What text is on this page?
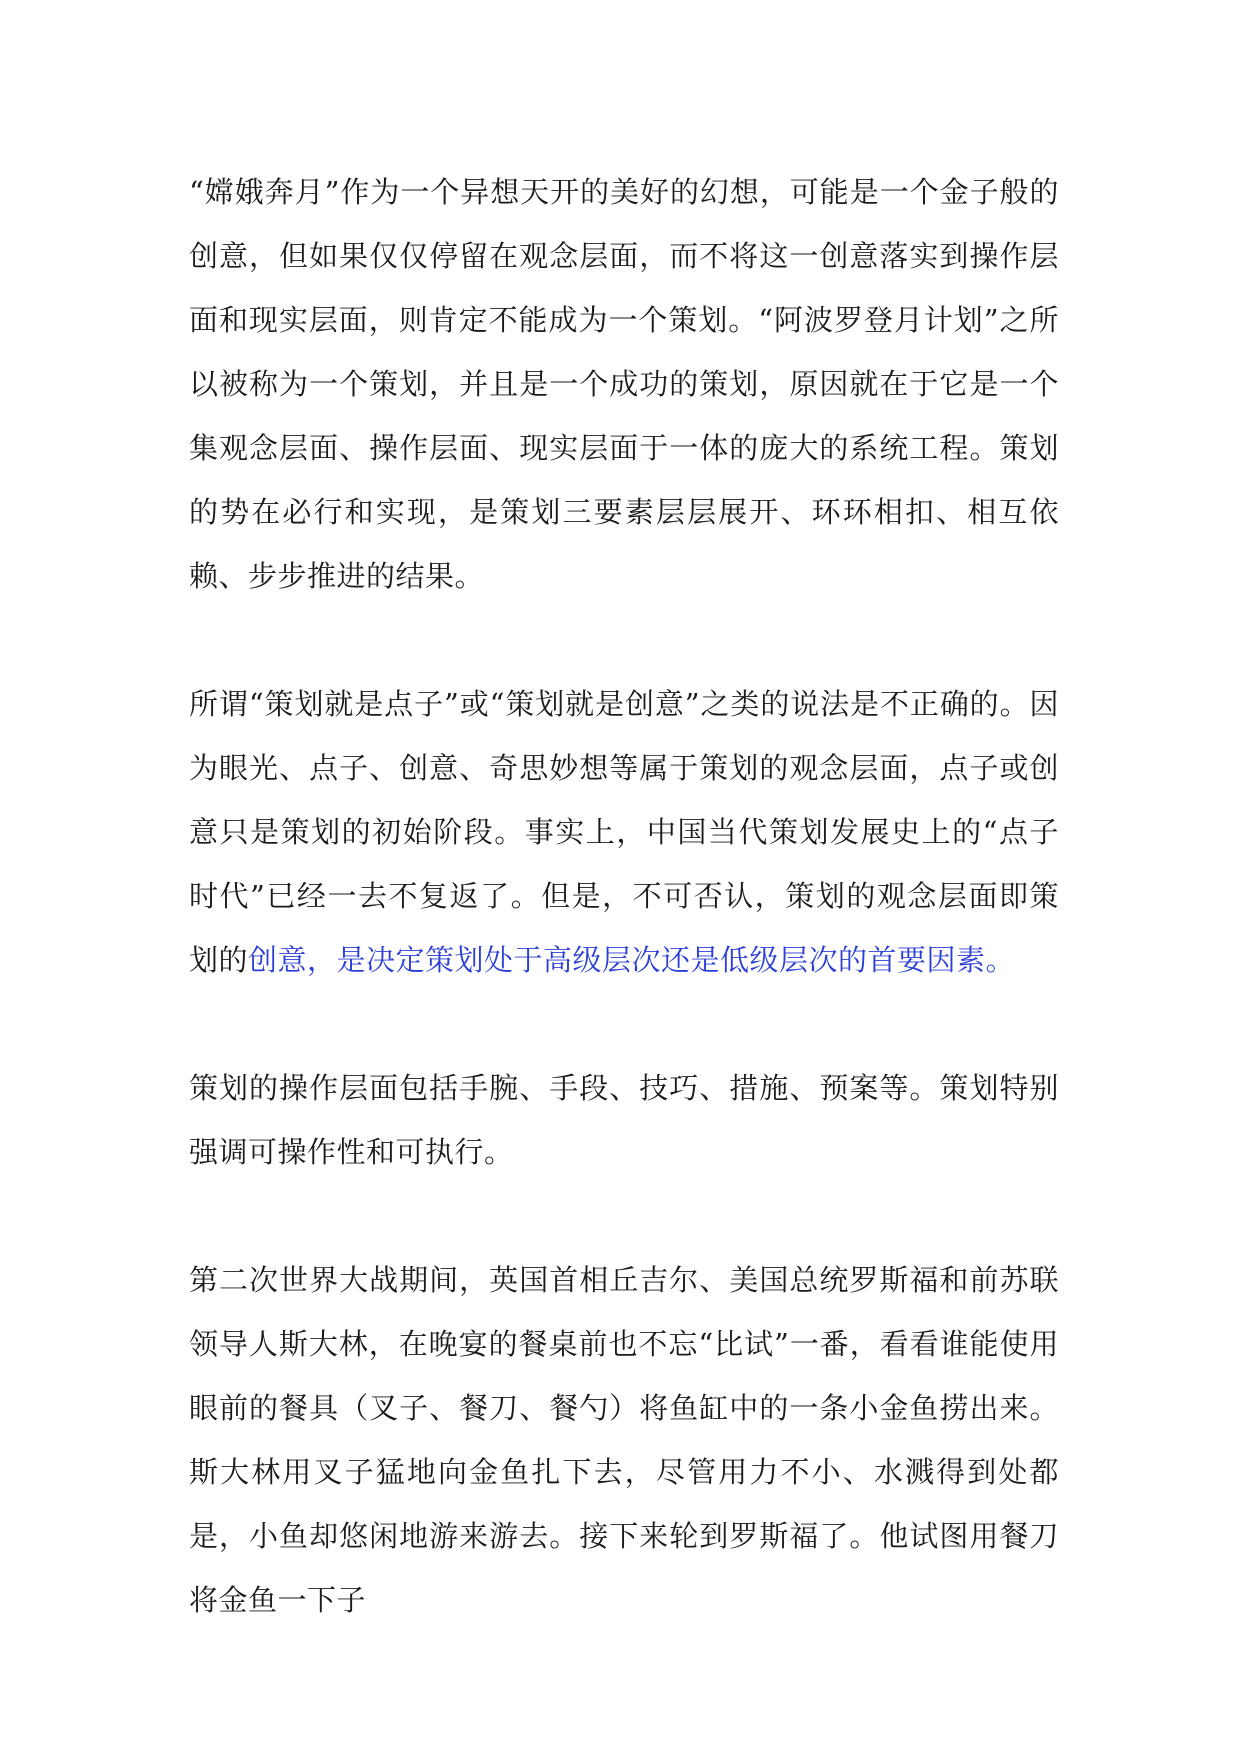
“嫦娥奔月”作为一个异想天开的美好的幻想，可能是一个金子般的创意，但如果仅仅停留在观念层面，而不将这一创意落实到操作层面和现实层面，则肯定不能成为一个策划。“阿波罗登月计划”之所以被称为一个策划，并且是一个成功的策划，原因就在于它是一个集观念层面、操作层面、现实层面于一体的庞大的系统工程。策划的势在必行和实现，是策划三要素层层展开、环环相扣、相互依赖、步步推进的结果。

所谓“策划就是点子”或“策划就是创意”之类的说法是不正确的。因为眼光、点子、创意、奇思妙想等属于策划的观念层面，点子或创意只是策划的初始阶段。事实上，中国当代策划发展史上的“点子时代”已经一去不复返了。但是，不可否认，策划的观念层面即策划的创意，是决定策划处于高级层次还是低级层次的首要因素。

策划的操作层面包括手腕、手段、技巧、措施、预案等。策划特别强调可操作性和可执行。

第二次世界大战期间，英国首相丘吉尔、美国总统罗斯福和前苏联领导人斯大林，在晚宴的餐桌前也不忘“比试”一番，看看谁能使用眼前的餐具（叉子、餐刀、餐勺）将鱼缸中的一条小金鱼捞出来。斯大林用叉子猛地向金鱼扎下去，尽管用力不小、水溅得到处都是，小鱼却悠闲地游来游去。接下来轮到罗斯福了。他试图用餐刀将金鱼一下子
